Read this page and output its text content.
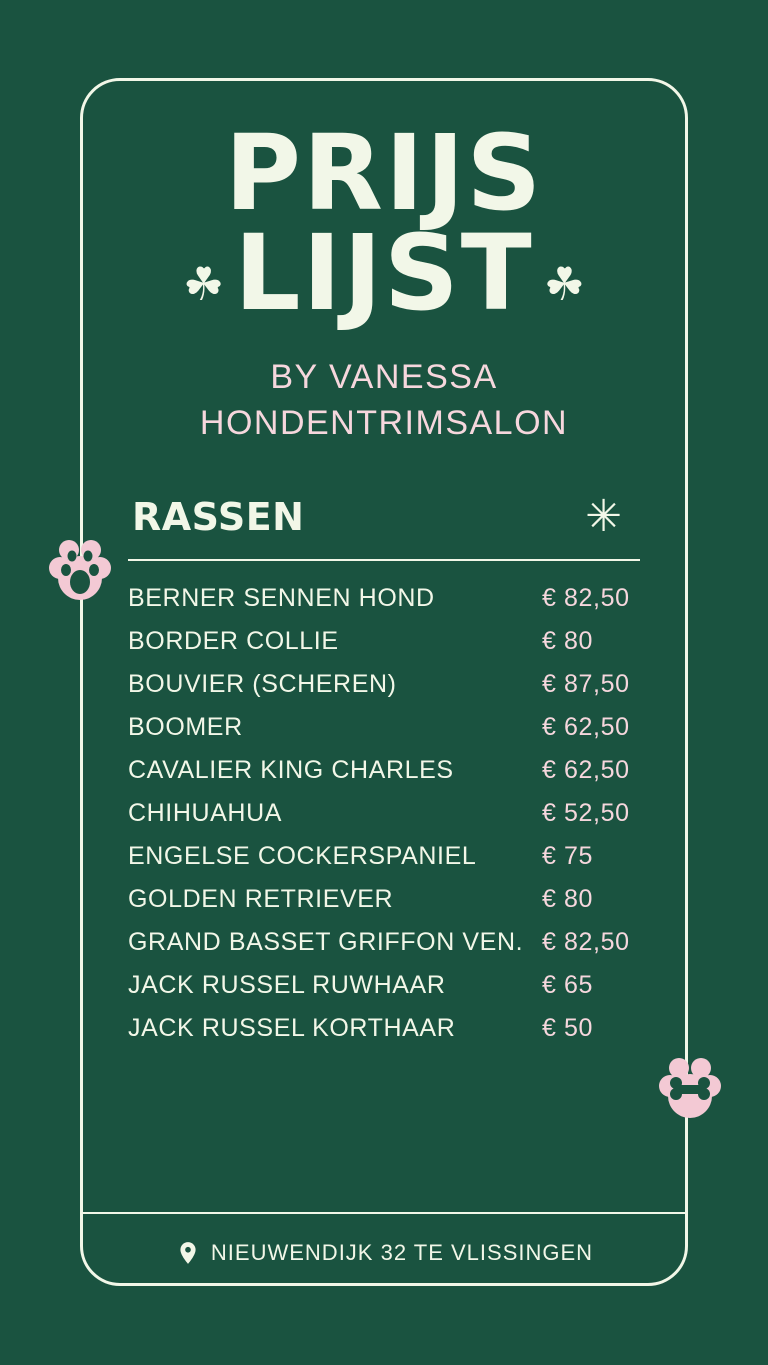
PRIJS
☘ LIJST ☘
BY VANESSA
HONDENTRIMSALON
RASSEN	✳
BERNER SENNEN HOND	€ 82,50
BORDER COLLIE	€ 80
BOUVIER (SCHEREN)	€ 87,50
BOOMER	€ 62,50
CAVALIER KING CHARLES	€ 62,50
CHIHUAHUA	€ 52,50
ENGELSE COCKERSPANIEL	€ 75
GOLDEN RETRIEVER	€ 80
GRAND BASSET GRIFFON VEN. € 82,50
JACK RUSSEL RUWHAAR	€ 65
JACK RUSSEL KORTHAAR	€ 50
NIEUWENDIJK 32 TE VLISSINGEN
